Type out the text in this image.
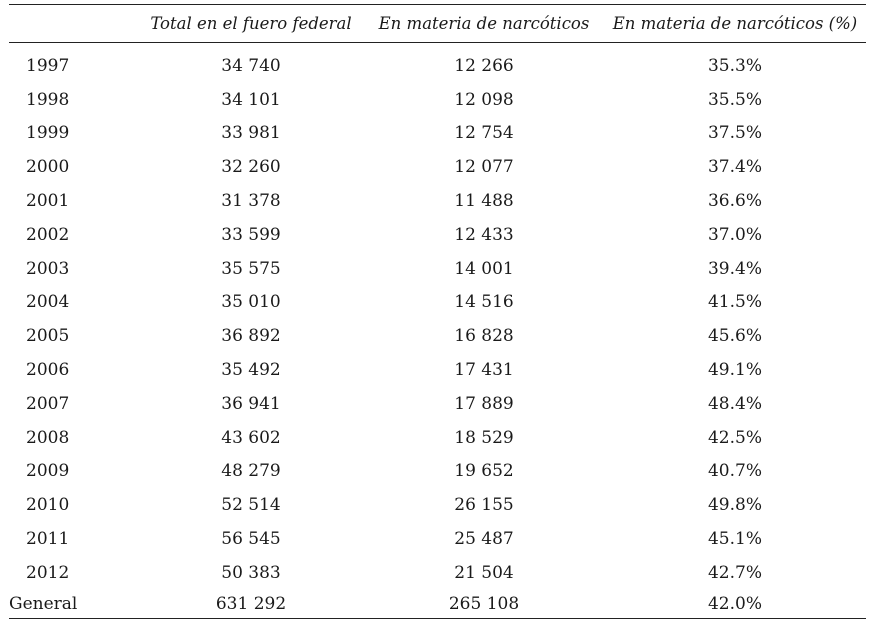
	Total en el fuero federal	En materia de narcóticos	En materia de narcóticos (%)
1997	34 740	12 266	35.3%
1998	34 101	12 098	35.5%
1999	33 981	12 754	37.5%
2000	32 260	12 077	37.4%
2001	31 378	11 488	36.6%
2002	33 599	12 433	37.0%
2003	35 575	14 001	39.4%
2004	35 010	14 516	41.5%
2005	36 892	16 828	45.6%
2006	35 492	17 431	49.1%
2007	36 941	17 889	48.4%
2008	43 602	18 529	42.5%
2009	48 279	19 652	40.7%
2010	52 514	26 155	49.8%
2011	56 545	25 487	45.1%
2012	50 383	21 504	42.7%
General	631 292	265 108	42.0%
